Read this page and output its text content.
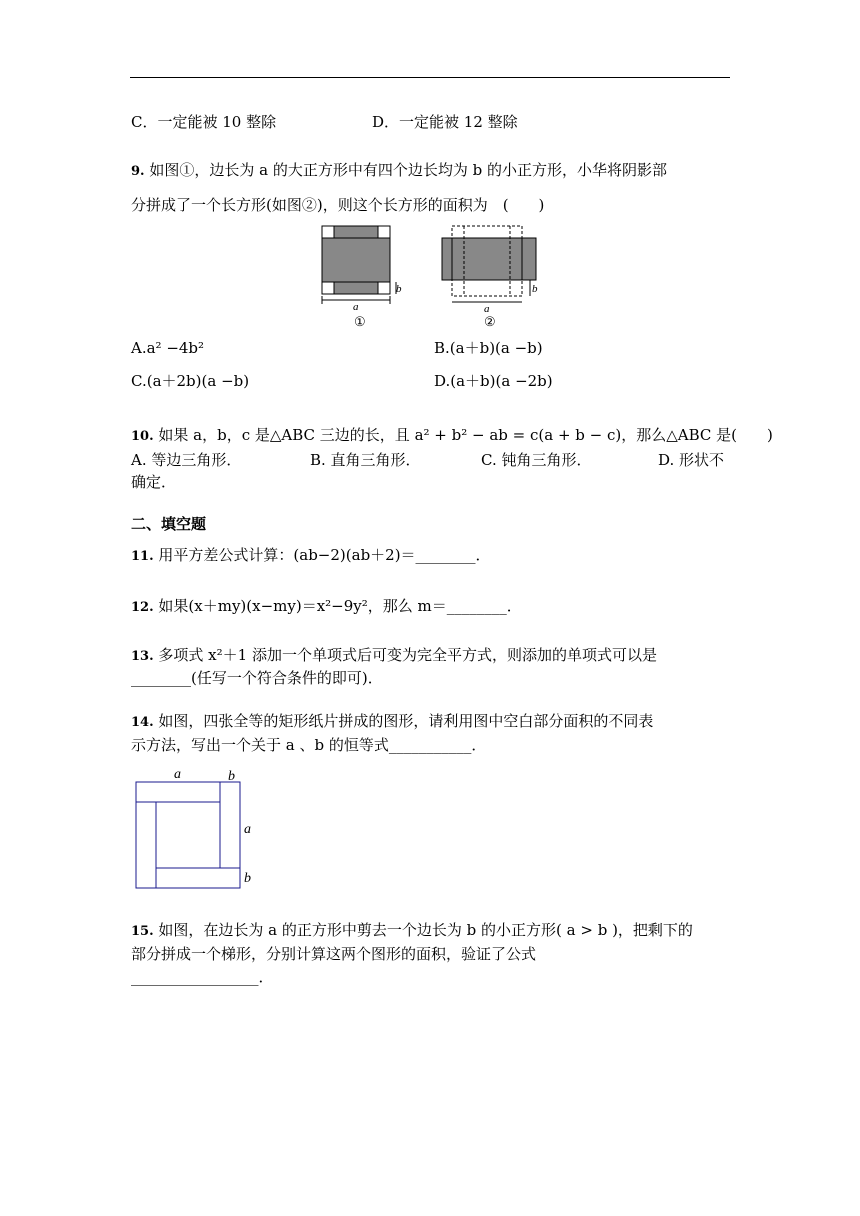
C．一定能被 10 整除	D．一定能被 12 整除
9. 如图①，边长为 a 的大正方形中有四个边长均为 b 的小正方形，小华将阴影部
分拼成了一个长方形(如图②)，则这个长方形的面积为　(　　)
b
a
①
b
a
②
A.a² −4b²	B.(a＋b)(a −b)
C.(a＋2b)(a −b)	D.(a＋b)(a −2b)
10. 如果 a，b，c 是△ABC 三边的长，且 a² + b² − ab = c(a + b − c)，那么△ABC 是(　　)
A. 等边三角形．	B. 直角三角形．	C. 钝角三角形．	D. 形状不
确定．
二、填空题
11. 用平方差公式计算：(ab−2)(ab＋2)＝________．
12. 如果(x＋my)(x−my)＝x²−9y²，那么 m＝________．
13. 多项式 x²＋1 添加一个单项式后可变为完全平方式，则添加的单项式可以是
________(任写一个符合条件的即可)．
14. 如图，四张全等的矩形纸片拼成的图形，请利用图中空白部分面积的不同表
示方法，写出一个关于 a 、b 的恒等式___________．
a	b
a
b
15. 如图，在边长为 a 的正方形中剪去一个边长为 b 的小正方形( a > b )，把剩下的
部分拼成一个梯形，分别计算这两个图形的面积，验证了公式
_________________．
